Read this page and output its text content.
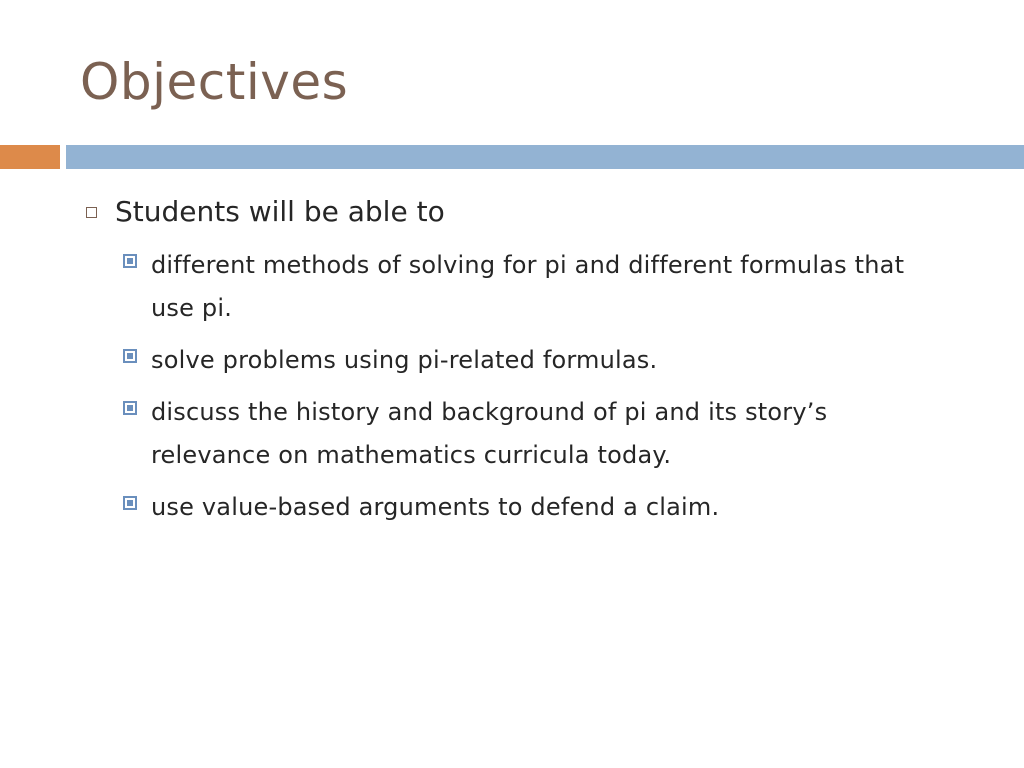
Objectives
Students will be able to
different methods of solving for pi and different formulas that use pi.
solve problems using pi-related formulas.
discuss the history and background of pi and its story’s relevance on mathematics curricula today.
use value-based arguments to defend a claim.
